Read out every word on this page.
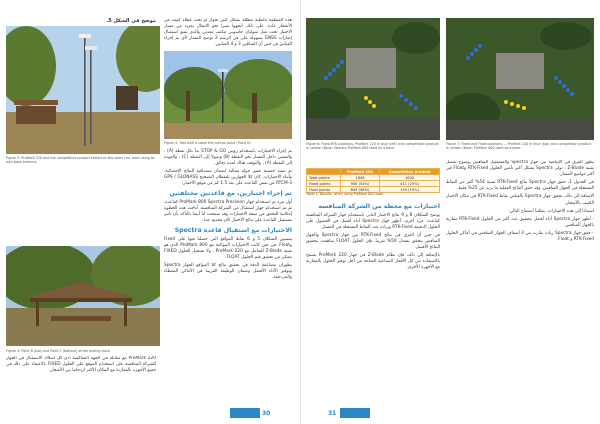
هذه المنطقة بأغطية مظللة بشكل كبير بجوار أو تحت غطاء كثيف من الأشجار عادة. على ذلك، اتجهوا سيرا نحو الانتقال بمزيد من مسار الاختبار تحت مثل سوليان حاسوبي مكثف معدني والذي يمنع استقبال إشارات GNSS بسهولة على في الرسم 2 توضح المسار لأي تم إجراء القياس في حين أن الشكلين 3 و 4 المبانين.

Figure 5: Test with a same the control point (Point A).

تم إجراء الاختبارات باستخدام روتين STOP & GO بدأ بكل نقطة (A) ، والمشي داخل المسار نحو النقطة (B) وصولا إلى النقطة (C) ، والعودة إلى النقطة (A) ، والتوقف هناك لمدة دقائق.

تم تنفيذ خمسة عشر جولة متتالية لضمان مصداقية النتائج الإحصائية. وأثناء الاختبارات، كان كلا الجهازين يلتقطان التصحيح GPS / GLONASS RTCM-3 من نفس القاعدة على بعد 1.5 كم من موقع الاختبار.

تم إجراء اختبارين، مع قاعدتين مختلفتين

أول مرة تم استخدام جهاز ProMark 800 Spectra Precision كقاعدة، ثم تم استخدام جهاز استقبال من الشركة المنافسة. أتاحت هذه الخطوة إمكانية التحقق من صحة الاختبارات وقد سمحت لنا أيضا بالتأكد بأن تأثير مستقبل القاعدة على نتائج الاختيار كان محدود جدا.

الاختبارات مع استقبال قاعدة Spectra

يستبين الشكلان 5 و 6 نقاط المواقع التي حصلنا فيها على Fixed وFloat. في حين كانت الاختبارات المواكبة مع ProMark 800 الذي هو تقنية Z-Blade للتعامل مع ProMark 220 ، ولا تسجيل الحلول FIXED تتمكن من تحقيق قيم الحلول FLOAT.

يظهران مضاعفة الدقة في تحقيق نتائج كلا المواقع الجهاز Spectra وتوفير الأداء الأفضل وضمان الوظيفة القريبة في الأماكن المغطاة والمزدحمة.

موضح في الشكل 5.
Figure 3: ProMark 220 and the competitive product tested on the same rod, each using its own base antenna.
Figure 4: Point B (top) and Point C (bottom) of the testing track.

ProMark 220 مع مقابلة في الجهة المعاكسة أدى كل أسلاك الاستقبال في الجهاز للشركة المنافسة على استخدام الموقع على الحلول FIXED بالاعتماد على ذلك في جميع الأجهزة بالمقارنة مع المكان الأكثر ازدحاما بين الأشجار.

Figure 6: Fixed RTK positions, ProMark 220 in blue (left) and competition product in yellow. (Base: Spectra ProMark 800 used as a base.
Figure 7: Fixed and Float positions — ProMark 220 in blue (top) and competition product in yellow. (Base: ProMark 800 used as a base.
	ProMark 220	Competition product
Total points	1848	1632
Fixed points	908 (54%)	411 (25%)
Float points	844 (46%)	154 (10%)
Table 1: Results, when using ProMark 800 base
اختبارات مع محطة من الشركة المنافسة

يوضح الشكلان 8 و 9 نتائج الاختبار الثاني باستخدام جهاز الشركة المنافسة كقاعدة. مرة أخرى، أظهر جهاز Spectra أداء أفضل في الحصول على الحلول الدقيقة RTK-Fixed وزيادة عدد النقاط المسجلة في المسار.

في حين أن الفرق في نتائج RTK-Fixed بين جهاز Spectra والجهاز المنافس يتحقق بمعدل 50% تقريبا، فإن الحلول FLOAT ساهمت بتحقيق النتائج الأفضل.

بالإضافة إلى ذلك، فإن نظام Z-Blade في جهاز ProMark 220 يسمح بالاستفادة من كل الأقمار الصناعية المتاحة من أجل توفير الحلول بالمقارنة مع الأجهزة الأخرى.

يظهر الفرق في الإنتاجية بين جهاز Spectra والمستقبل المنافس بوضوح بفضل تقنية Z-Blade . تولى Spectra بشكل أكبر تأمين الحلول RTK-Fixed وFloat في أكثر مواضع المسار.

في الجدول 1، حقق جهاز Spectra نتائج RTK-Fixed نسبة 54% أكثر من النقاط المسجلة في الجهاز المنافس. وقد حقق النتائج الفعلية ما يزيد عن 25% فقط.

الإضافة إلى ذلك، تحقق جهاز Spectra بالقياس نقاط RTK-Fixed في مكان الاختبار الكثيف بالأشجار.

استنادا إلى هذه الاختبارات، يمكننا استنتاج التالي:

- أظهر جهاز Spectra أداء أفضل بتحقيق عدد أكبر من الحلول RTK-Fixed مقارنة بالجهاز المنافس.

- حقق جهاز Spectra زيادة تقارب من 3 أضعاف الجهاز المنافس في أماكن الحلول RTK-Fixed و Float.

30	31
